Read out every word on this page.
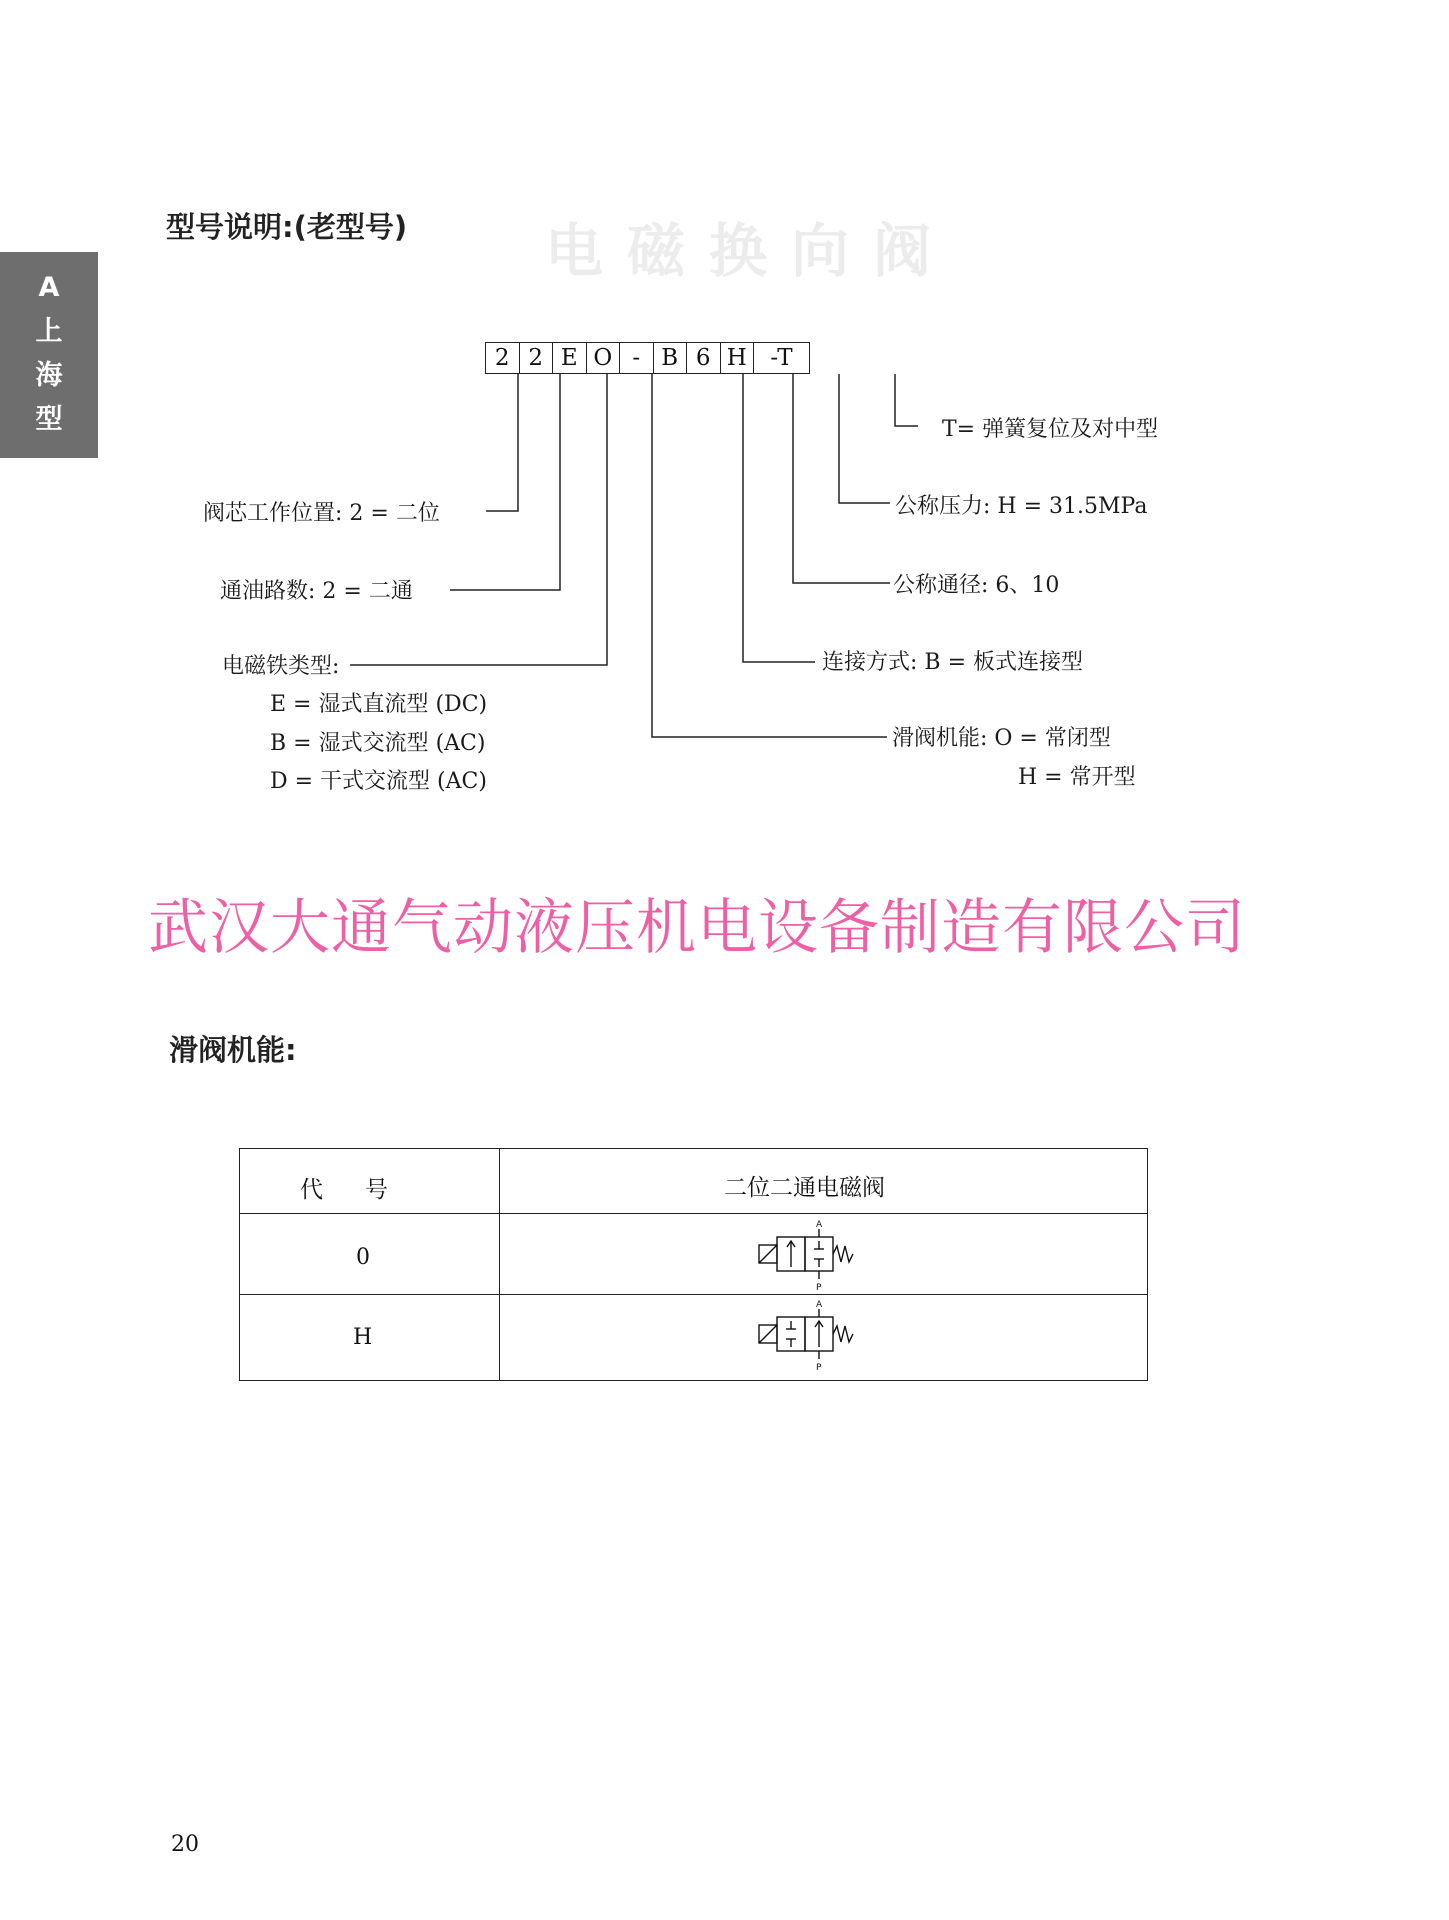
电磁换向阀
A
上
海
型
型号说明:(老型号)
2 2 E O - B 6 H	-T
T= 弹簧复位及对中型
阀芯工作位置: 2 = 二位	公称压力: H = 31.5MPa
通油路数: 2 = 二通	公称通径: 6、10
电磁铁类型:	连接方式: B = 板式连接型
E = 湿式直流型 (DC)
滑阀机能: O = 常闭型
B = 湿式交流型 (AC)
H = 常开型
D = 干式交流型 (AC)
武汉大通气动液压机电设备制造有限公司
滑阀机能:
代号	二位二通电磁阀
0
H
A
P
A
P
20
